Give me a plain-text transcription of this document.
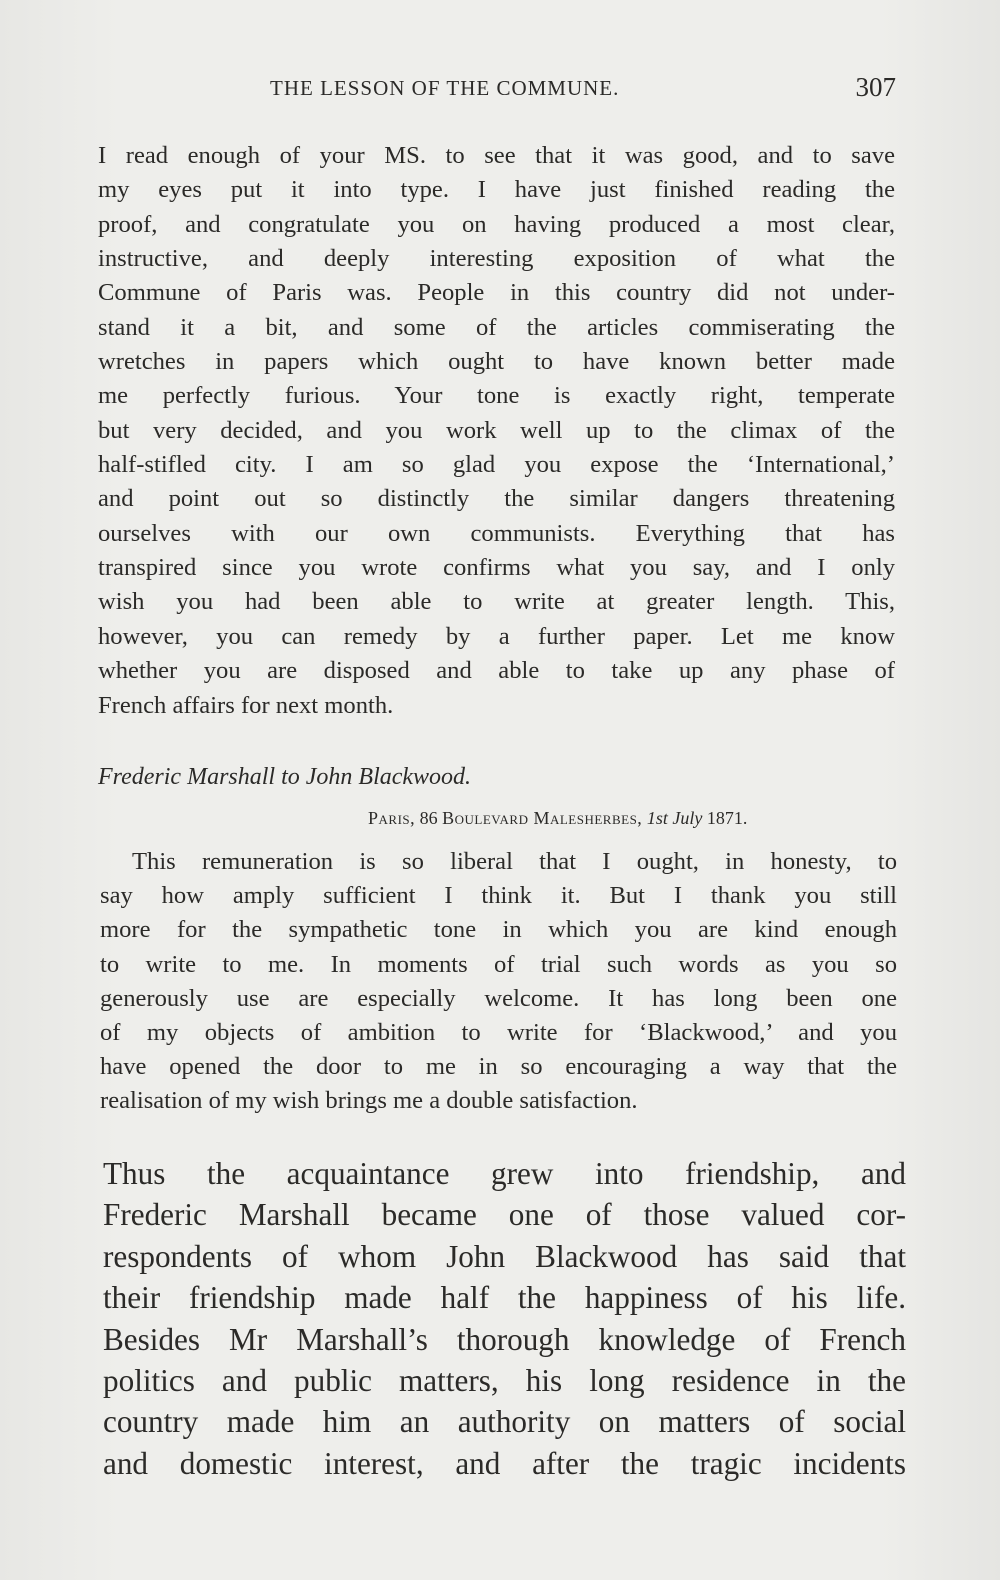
THE LESSON OF THE COMMUNE.	307
I read enough of your MS. to see that it was good, and to save
my eyes put it into type. I have just finished reading the
proof, and congratulate you on having produced a most clear,
instructive, and deeply interesting exposition of what the
Commune of Paris was. People in this country did not under-
stand it a bit, and some of the articles commiserating the
wretches in papers which ought to have known better made
me perfectly furious. Your tone is exactly right, temperate
but very decided, and you work well up to the climax of the
half-stifled city. I am so glad you expose the ‘International,’
and point out so distinctly the similar dangers threatening
ourselves with our own communists. Everything that has
transpired since you wrote confirms what you say, and I only
wish you had been able to write at greater length. This,
however, you can remedy by a further paper. Let me know
whether you are disposed and able to take up any phase of
French affairs for next month.
Frederic Marshall to John Blackwood.
Paris, 86 Boulevard Malesherbes, 1st July 1871.
This remuneration is so liberal that I ought, in honesty, to
say how amply sufficient I think it. But I thank you still
more for the sympathetic tone in which you are kind enough
to write to me. In moments of trial such words as you so
generously use are especially welcome. It has long been one
of my objects of ambition to write for ‘Blackwood,’ and you
have opened the door to me in so encouraging a way that the
realisation of my wish brings me a double satisfaction.
Thus the acquaintance grew into friendship, and
Frederic Marshall became one of those valued cor-
respondents of whom John Blackwood has said that
their friendship made half the happiness of his life.
Besides Mr Marshall’s thorough knowledge of French
politics and public matters, his long residence in the
country made him an authority on matters of social
and domestic interest, and after the tragic incidents
